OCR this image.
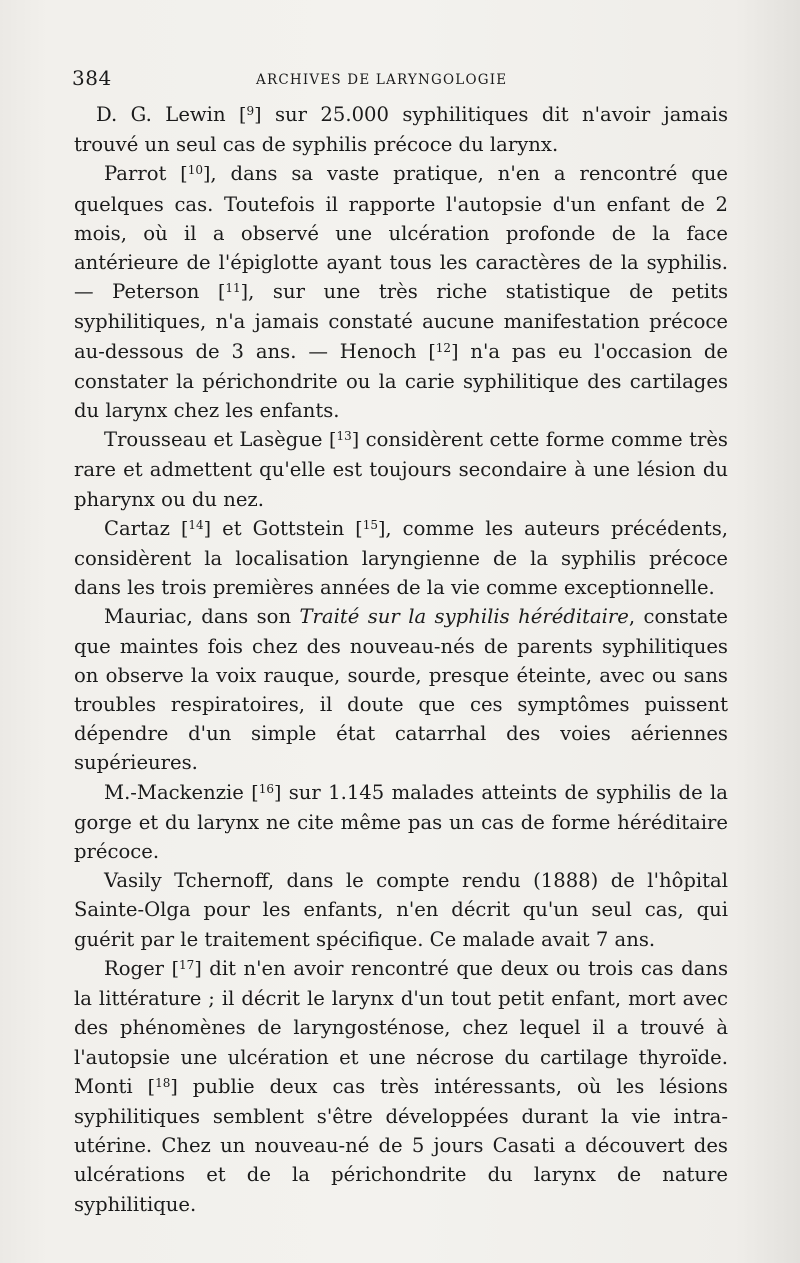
384	ARCHIVES DE LARYNGOLOGIE

D. G. Lewin [$^9$] sur 25.000 syphilitiques dit n'avoir jamais trouvé un seul cas de syphilis précoce du larynx.

Parrot [$^{10}$], dans sa vaste pratique, n'en a rencontré que quelques cas. Toutefois il rapporte l'autopsie d'un enfant de 2 mois, où il a observé une ulcération profonde de la face antérieure de l'épiglotte ayant tous les caractères de la syphilis. — Peterson [$^{11}$], sur une très riche statistique de petits syphilitiques, n'a jamais constaté aucune manifestation précoce au-dessous de 3 ans. — Henoch [$^{12}$] n'a pas eu l'occasion de constater la périchondrite ou la carie syphilitique des cartilages du larynx chez les enfants.

Trousseau et Lasègue [$^{13}$] considèrent cette forme comme très rare et admettent qu'elle est toujours secondaire à une lésion du pharynx ou du nez.

Cartaz [$^{14}$] et Gottstein [$^{15}$], comme les auteurs précédents, considèrent la localisation laryngienne de la syphilis précoce dans les trois premières années de la vie comme exceptionnelle.

Mauriac, dans son Traité sur la syphilis héréditaire, constate que maintes fois chez des nouveau-nés de parents syphilitiques on observe la voix rauque, sourde, presque éteinte, avec ou sans troubles respiratoires, il doute que ces symptômes puissent dépendre d'un simple état catarrhal des voies aériennes supérieures.

M.-Mackenzie [$^{16}$] sur 1.145 malades atteints de syphilis de la gorge et du larynx ne cite même pas un cas de forme héréditaire précoce.

Vasily Tchernoff, dans le compte rendu (1888) de l'hôpital Sainte-Olga pour les enfants, n'en décrit qu'un seul cas, qui guérit par le traitement spécifique. Ce malade avait 7 ans.

Roger [$^{17}$] dit n'en avoir rencontré que deux ou trois cas dans la littérature ; il décrit le larynx d'un tout petit enfant, mort avec des phénomènes de laryngosténose, chez lequel il a trouvé à l'autopsie une ulcération et une nécrose du cartilage thyroïde. Monti [$^{18}$] publie deux cas très intéressants, où les lésions syphilitiques semblent s'être développées durant la vie intra-utérine. Chez un nouveau-né de 5 jours Casati a découvert des ulcérations et de la périchondrite du larynx de nature syphilitique.
